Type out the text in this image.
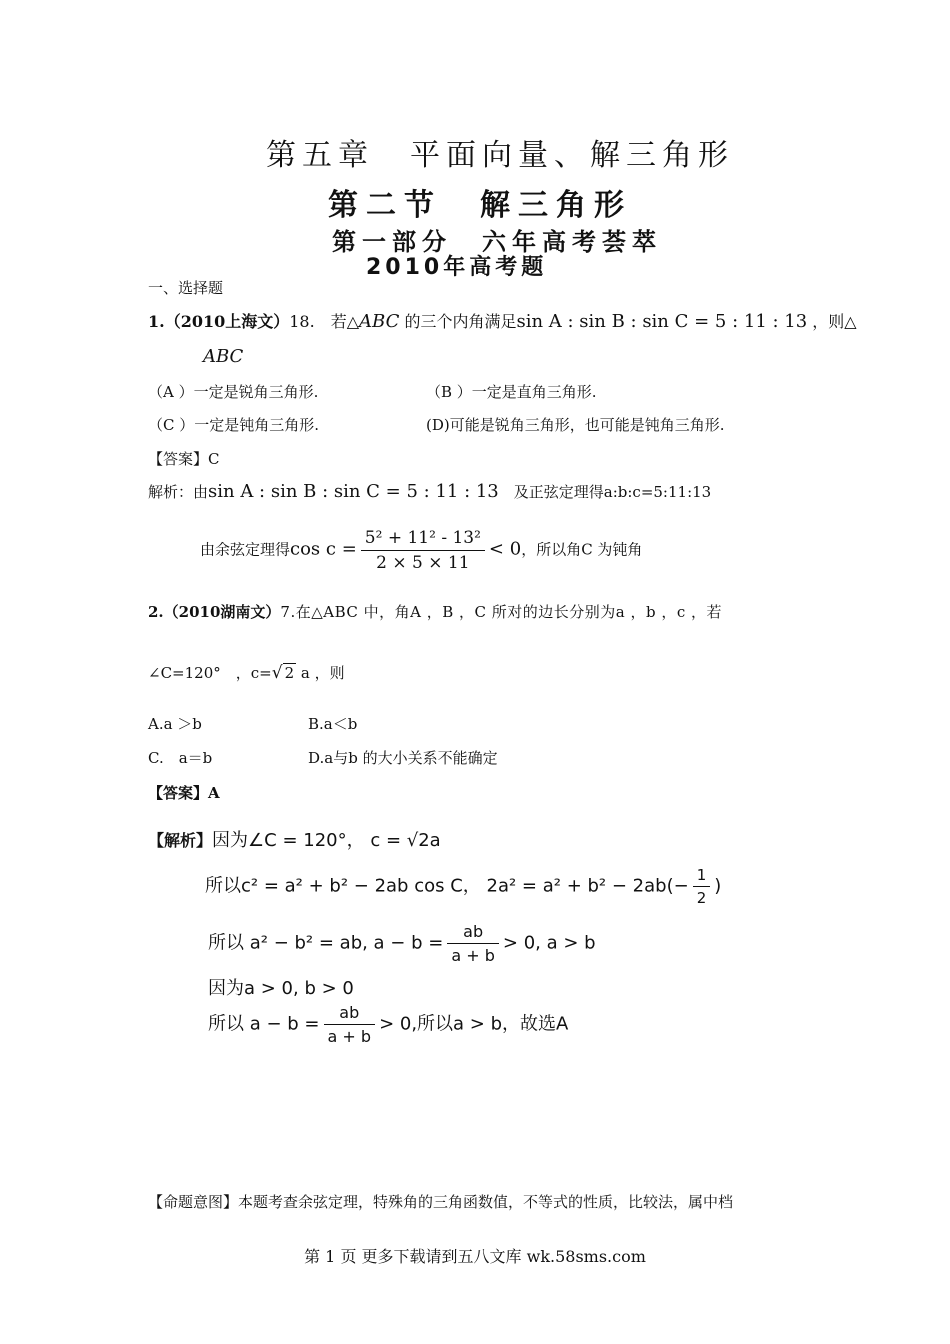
第五章　平面向量、解三角形
第二节　解三角形
第一部分　六年高考荟萃
2010年高考题
一、选择题
1.（2010上海文）18.　若△ABC 的三个内角满足sin A : sin B : sin C = 5 : 11 : 13 ，则△
ABC
（A ）一定是锐角三角形.	（B ）一定是直角三角形.
（C ）一定是钝角三角形.	(D)可能是锐角三角形，也可能是钝角三角形.
【答案】C
解析：由sin A : sin B : sin C = 5 : 11 : 13　及正弦定理得a:b:c=5:11:13
由余弦定理得$\cos c = \frac{\text{5² + 11² - 13²}}{2 \times 5 \times 11} < 0$，所以角C 为钝角
2.（2010湖南文）7.在△ABC 中，角A ，B ，C 所对的边长分别为a ，b ，c ，若
∠C=120°　，c=√ 2 a ，则
A.a ＞b	B.a＜b
C.　a＝b	D.a与b 的大小关系不能确定
【答案】A
【解析】因为∠C = 120°， c = √2a
所以c² = a² + b² − 2ab cos C， $2a^2 = a^2 + b^2 - 2ab(- \frac{1}{2}$ )
所以 a² − b² = ab, $a - b = \frac{ab}{a + b} > 0$, a > b
因为a > 0, b > 0
所以 $a - b = \frac{ab}{a + b} > 0$,所以a > b，故选A
【命题意图】本题考查余弦定理，特殊角的三角函数值，不等式的性质，比较法，属中档
第 1 页 更多下载请到五八文库 wk.58sms.com
